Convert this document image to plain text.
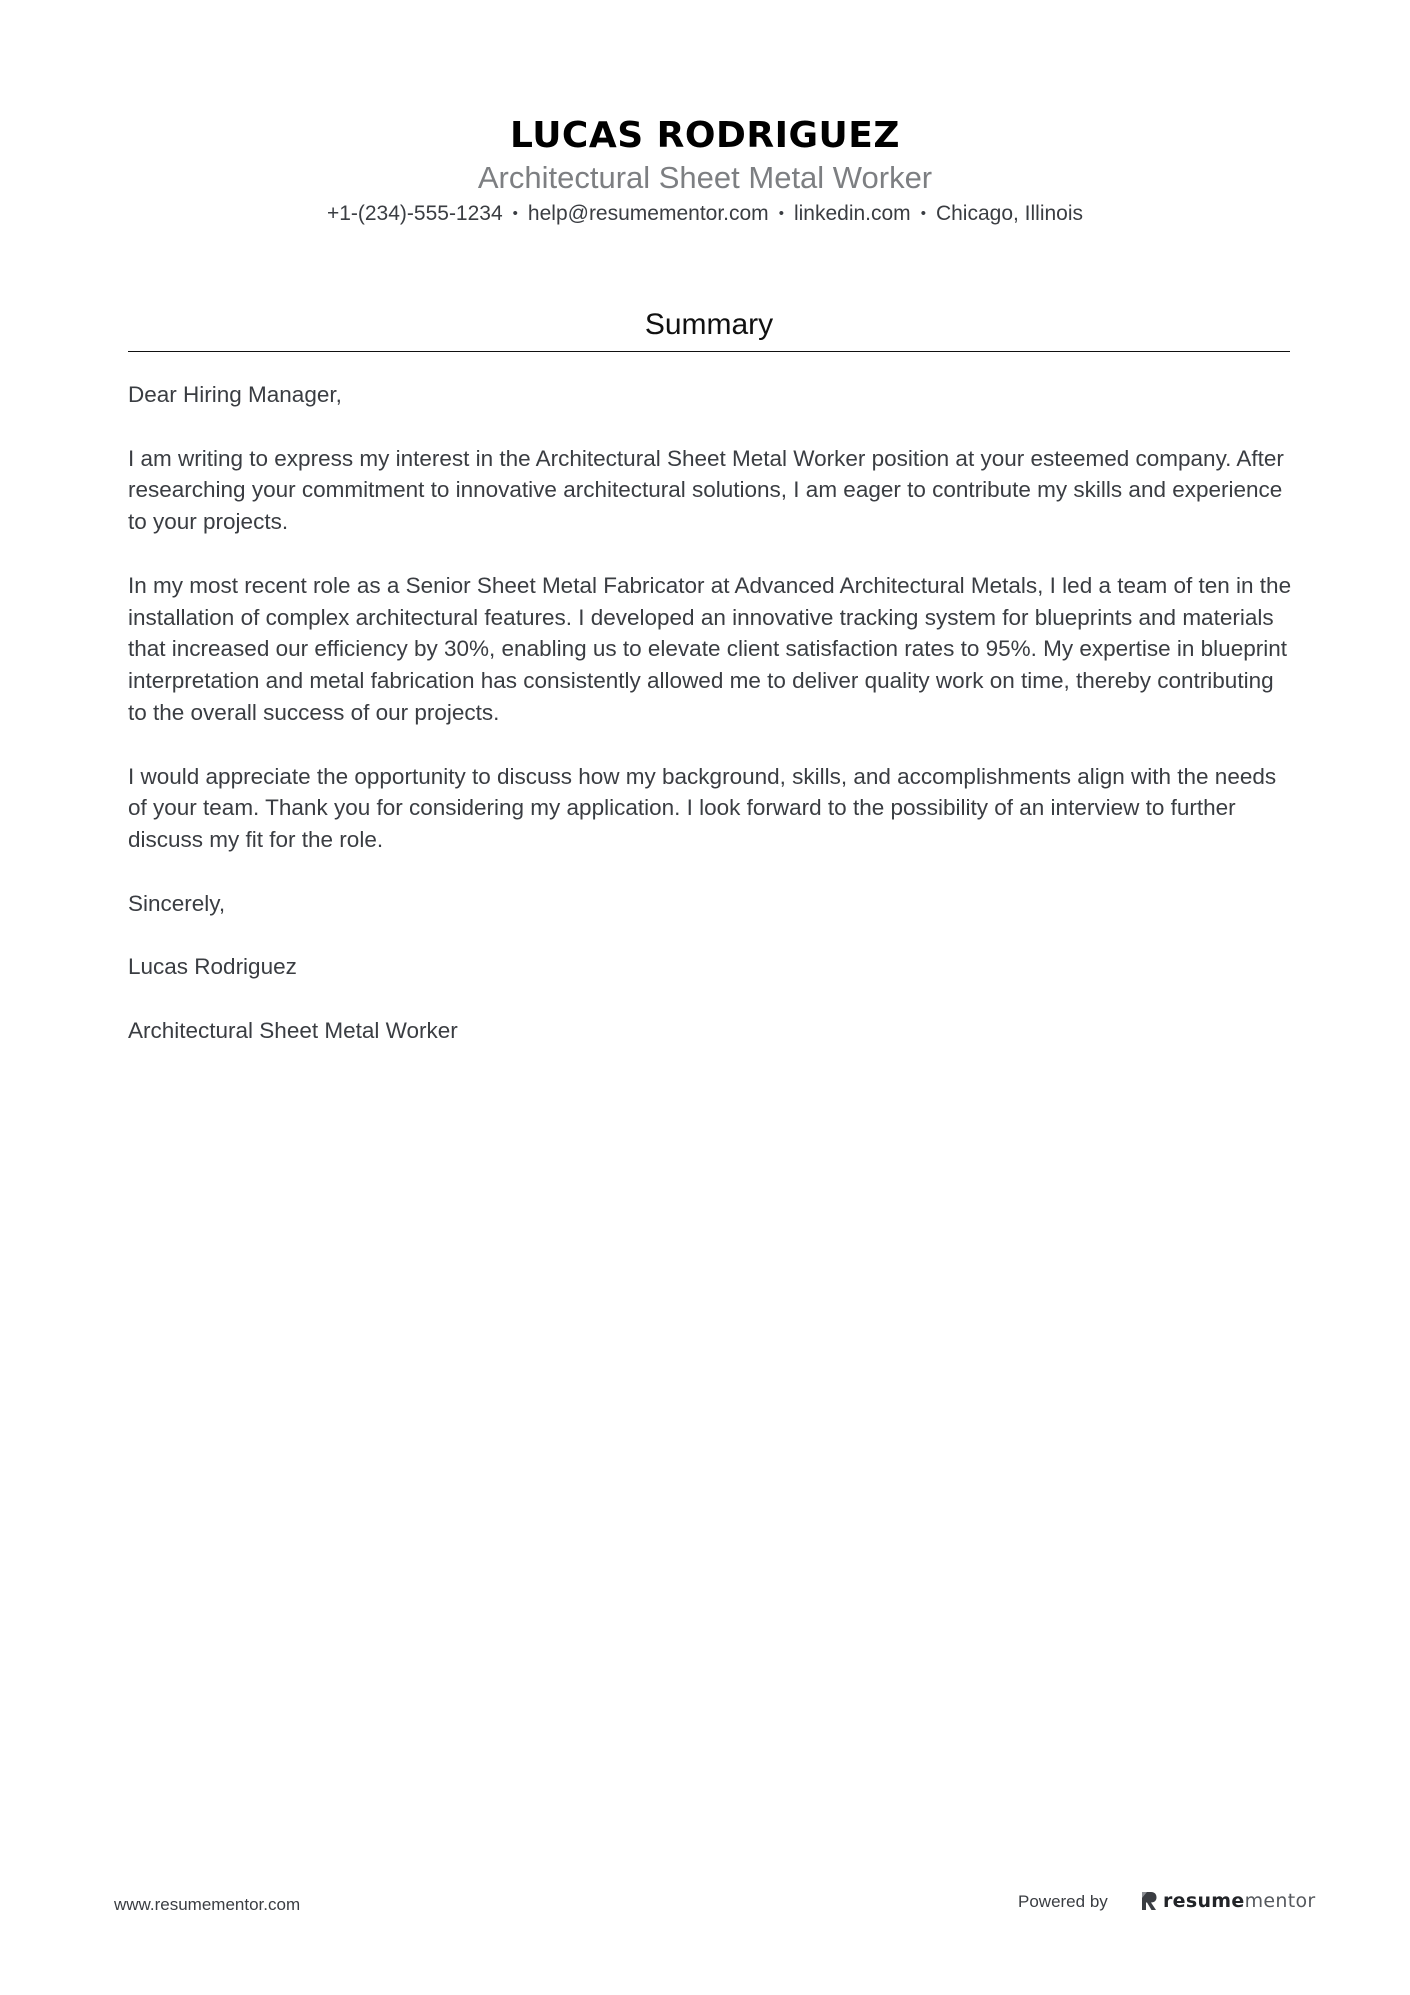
LUCAS RODRIGUEZ
Architectural Sheet Metal Worker
+1-(234)-555-1234 • help@resumementor.com • linkedin.com • Chicago, Illinois
Summary

Dear Hiring Manager,

I am writing to express my interest in the Architectural Sheet Metal Worker position at your esteemed company. After researching your commitment to innovative architectural solutions, I am eager to contribute my skills and experience to your projects.

In my most recent role as a Senior Sheet Metal Fabricator at Advanced Architectural Metals, I led a team of ten in the installation of complex architectural features. I developed an innovative tracking system for blueprints and materials that increased our efficiency by 30%, enabling us to elevate client satisfaction rates to 95%. My expertise in blueprint interpretation and metal fabrication has consistently allowed me to deliver quality work on time, thereby contributing to the overall success of our projects.

I would appreciate the opportunity to discuss how my background, skills, and accomplishments align with the needs of your team. Thank you for considering my application. I look forward to the possibility of an interview to further discuss my fit for the role.

Sincerely,

Lucas Rodriguez

Architectural Sheet Metal Worker

www.resumementor.com	Powered by	resumementor
